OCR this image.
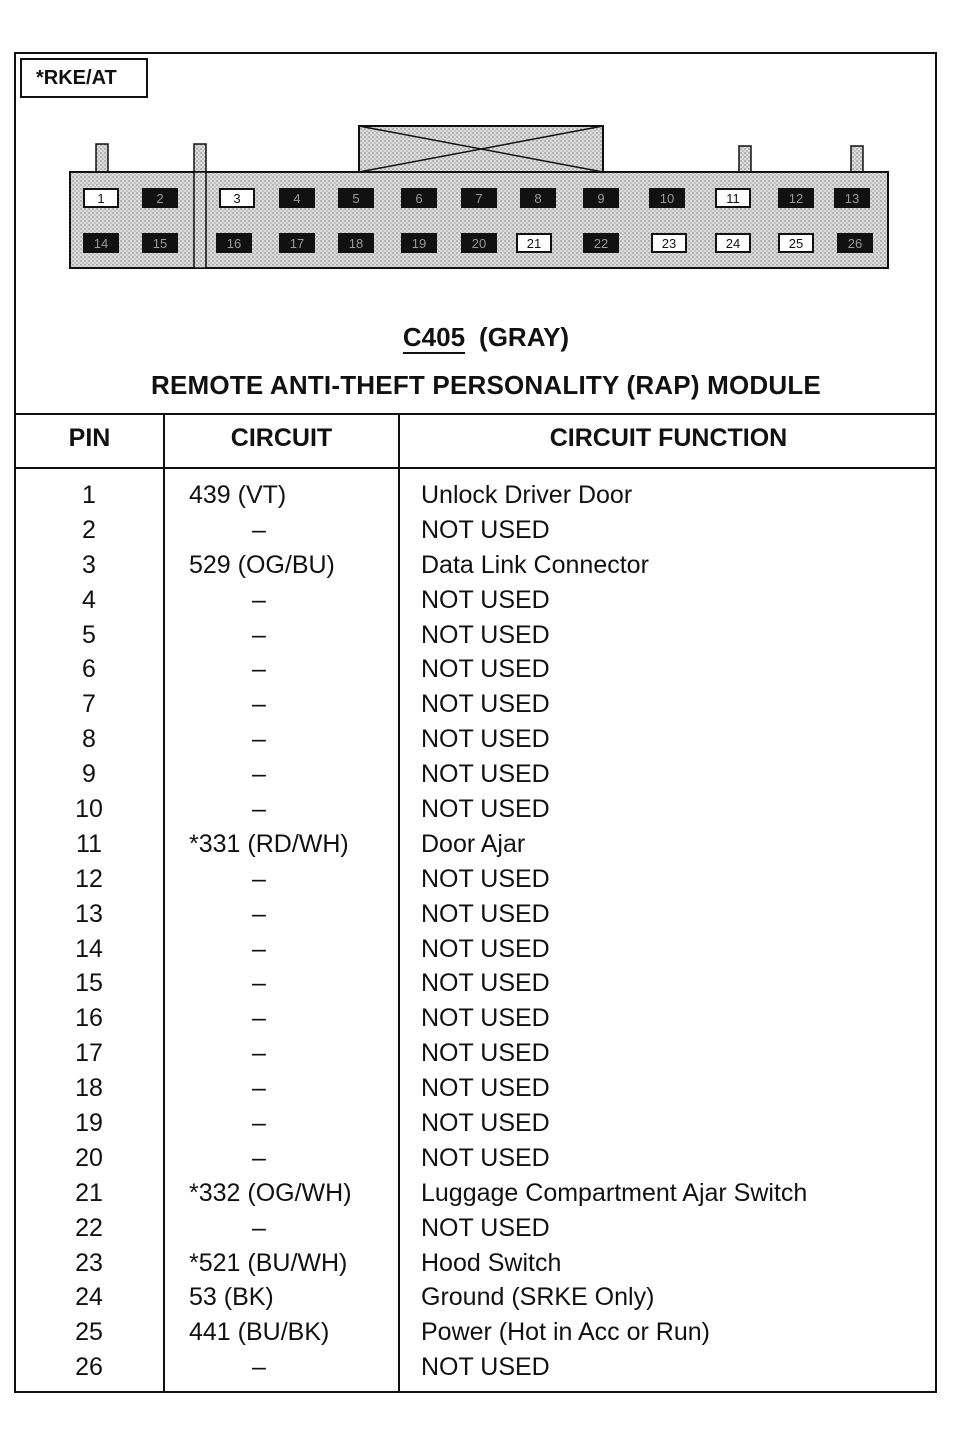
*RKE/AT
1	2	3	4	5	6	7	8	9	10	11	12	13
14	15	16	17	18	19	20	21	22	23	24	25	26
C405 (GRAY)
REMOTE ANTI-THEFT PERSONALITY (RAP) MODULE
PIN	CIRCUIT	CIRCUIT FUNCTION
1	439 (VT)	Unlock Driver Door
2	–	NOT USED
3	529 (OG/BU)	Data Link Connector
4	–	NOT USED
5	–	NOT USED
6	–	NOT USED
7	–	NOT USED
8	–	NOT USED
9	–	NOT USED
10	–	NOT USED
11	*331 (RD/WH)	Door Ajar
12	–	NOT USED
13	–	NOT USED
14	–	NOT USED
15	–	NOT USED
16	–	NOT USED
17	–	NOT USED
18	–	NOT USED
19	–	NOT USED
20	–	NOT USED
21	*332 (OG/WH)	Luggage Compartment Ajar Switch
22	–	NOT USED
23	*521 (BU/WH)	Hood Switch
24	53 (BK)	Ground (SRKE Only)
25	441 (BU/BK)	Power (Hot in Acc or Run)
26	–	NOT USED
